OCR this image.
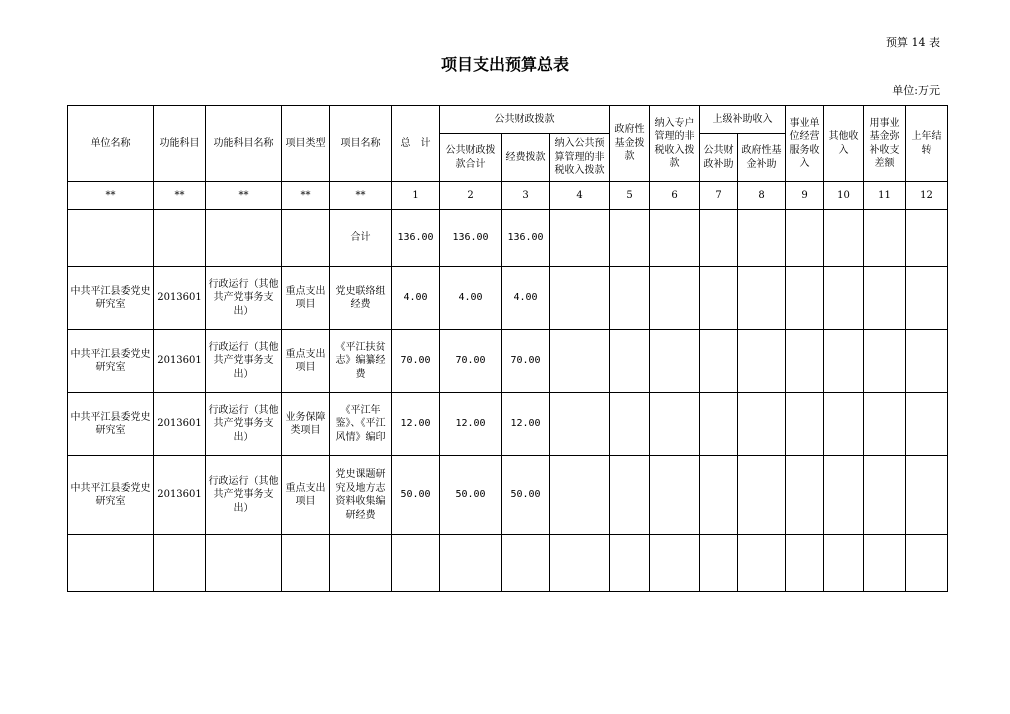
预算 14 表
项目支出预算总表
单位:万元
单位名称	功能科目	功能科目名称	项目类型	项目名称	总　计	公共财政拨款			政府性基金拨款	纳入专户管理的非税收入拨款	上级补助收入		事业单位经营服务收入	其他收入	用事业基金弥补收支差额	上年结转
						公共财政拨款合计	经费拨款	纳入公共预算管理的非税收入拨款			公共财政补助	政府性基金补助				

**	**	**	**	**	1	2	3	4	5	6	7	8	9	10	11	12
				合计	136.00	136.00	136.00									
中共平江县委党史研究室	2013601	行政运行（其他共产党事务支出）	重点支出项目	党史联络组经费	4.00	4.00	4.00									
中共平江县委党史研究室	2013601	行政运行（其他共产党事务支出）	重点支出项目	《平江扶贫志》编纂经费	70.00	70.00	70.00									
中共平江县委党史研究室	2013601	行政运行（其他共产党事务支出）	业务保障类项目	《平江年鉴》、《平江风情》编印	12.00	12.00	12.00									
中共平江县委党史研究室	2013601	行政运行（其他共产党事务支出）	重点支出项目	党史课题研究及地方志资料收集编研经费	50.00	50.00	50.00									
